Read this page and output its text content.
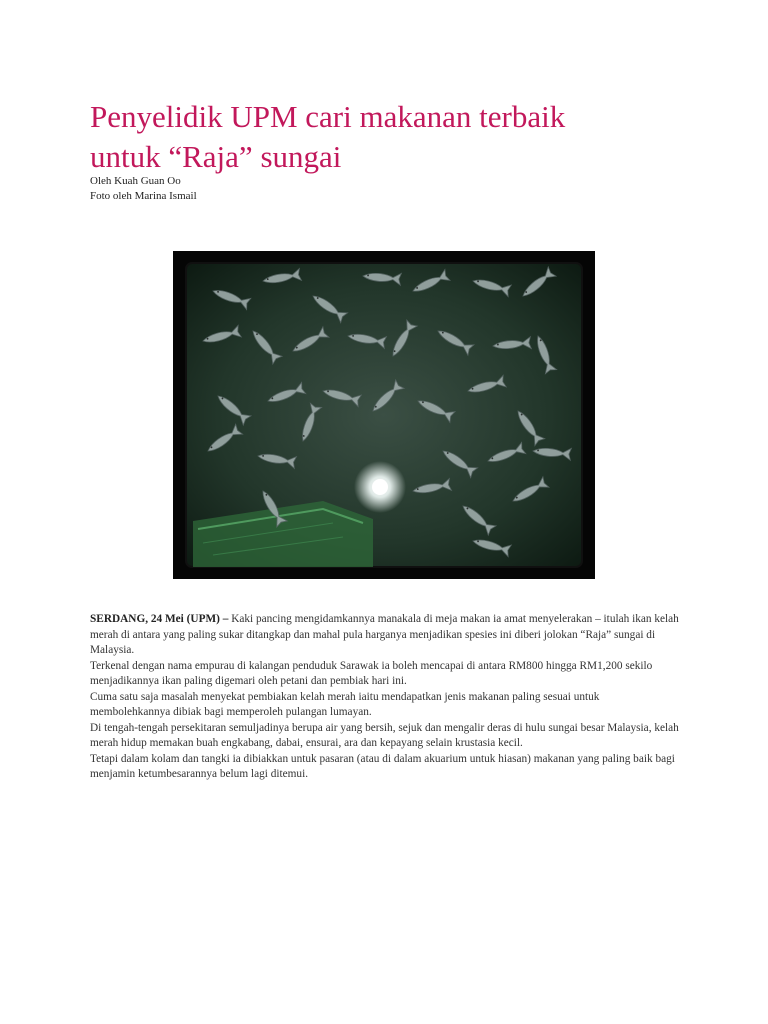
Penyelidik UPM cari makanan terbaik
untuk “Raja” sungai
Oleh Kuah Guan Oo
Foto oleh Marina Ismail

SERDANG, 24 Mei (UPM) – Kaki pancing mengidamkannya manakala di meja makan ia amat menyelerakan – itulah ikan kelah merah di antara yang paling sukar ditangkap dan mahal pula harganya menjadikan spesies ini diberi jolokan “Raja” sungai di Malaysia.

Terkenal dengan nama empurau di kalangan penduduk Sarawak ia boleh mencapai di antara RM800 hingga RM1,200 sekilo menjadikannya ikan paling digemari oleh petani dan pembiak hari ini.

Cuma satu saja masalah menyekat pembiakan kelah merah iaitu mendapatkan jenis makanan paling sesuai untuk membolehkannya dibiak bagi memperoleh pulangan lumayan.

Di tengah-tengah persekitaran semuljadinya berupa air yang bersih, sejuk dan mengalir deras di hulu sungai besar Malaysia, kelah merah hidup memakan buah engkabang, dabai, ensurai, ara dan kepayang selain krustasia kecil.

Tetapi dalam kolam dan tangki ia dibiakkan untuk pasaran (atau di dalam akuarium untuk hiasan) makanan yang paling baik bagi menjamin ketumbesarannya belum lagi ditemui.
